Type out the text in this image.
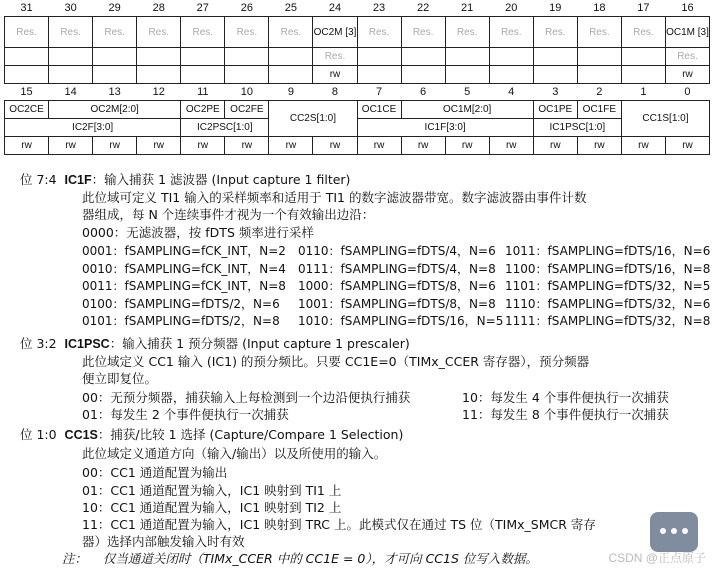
31	30	29	28	27	26	25	24	23	22	21	20	19	18	17	16
Res.	Res.	Res.	Res.	Res.	Res.	Res.	OC2M [3]	Res.	Res.	Res.	Res.	Res.	Res.	Res.	OC1M [3]
							Res.								Res.
							rw								rw
15	14	13	12	11	10	9	8	7	6	5	4	3	2	1	0
OC2CE	OC2M[2:0]			OC2PE	OC2FE	CC2S[1:0]		OC1CE	OC1M[2:0]			OC1PE	OC1FE	CC1S[1:0]	
IC2F[3:0]				IC2PSC[1:0]				IC1F[3:0]				IC1PSC[1:0]			
rw	rw	rw	rw	rw	rw	rw	rw	rw	rw	rw	rw	rw	rw	rw	rw
位 7:4 IC1F：输入捕获 1 滤波器 (Input capture 1 filter)
此位域可定义 TI1 输入的采样频率和适用于 TI1 的数字滤波器带宽。数字滤波器由事件计数
器组成，每 N 个连续事件才视为一个有效输出边沿：
0000：无滤波器，按 fDTS 频率进行采样
0001：fSAMPLING=fCK_INT，N=2
0010：fSAMPLING=fCK_INT，N=4
0011：fSAMPLING=fCK_INT，N=8
0100：fSAMPLING=fDTS/2，N=6
0101：fSAMPLING=fDTS/2，N=8
0110：fSAMPLING=fDTS/4，N=6
0111：fSAMPLING=fDTS/4，N=8
1000：fSAMPLING=fDTS/8，N=6
1001：fSAMPLING=fDTS/8，N=8
1010：fSAMPLING=fDTS/16，N=5
1011：fSAMPLING=fDTS/16，N=6
1100：fSAMPLING=fDTS/16，N=8
1101：fSAMPLING=fDTS/32，N=5
1110：fSAMPLING=fDTS/32，N=6
1111：fSAMPLING=fDTS/32，N=8
位 3:2 IC1PSC：输入捕获 1 预分频器 (Input capture 1 prescaler)
此位域定义 CC1 输入 (IC1) 的预分频比。只要 CC1E=0（TIMx_CCER 寄存器），预分频器
便立即复位。
00：无预分频器，捕获输入上每检测到一个边沿便执行捕获
01：每发生 2 个事件便执行一次捕获
10：每发生 4 个事件便执行一次捕获
11：每发生 8 个事件便执行一次捕获
位 1:0 CC1S：捕获/比较 1 选择 (Capture/Compare 1 Selection)
此位域定义通道方向（输入/输出）以及所使用的输入。
00：CC1 通道配置为输出
01：CC1 通道配置为输入，IC1 映射到 TI1 上
10：CC1 通道配置为输入，IC1 映射到 TI2 上
11：CC1 通道配置为输入，IC1 映射到 TRC 上。此模式仅在通过 TS 位（TIMx_SMCR 寄存
器）选择内部触发输入时有效
注： 仅当通道关闭时（TIMx_CCER 中的 CC1E = 0），才可向 CC1S 位写入数据。	CSDN @正点原子
